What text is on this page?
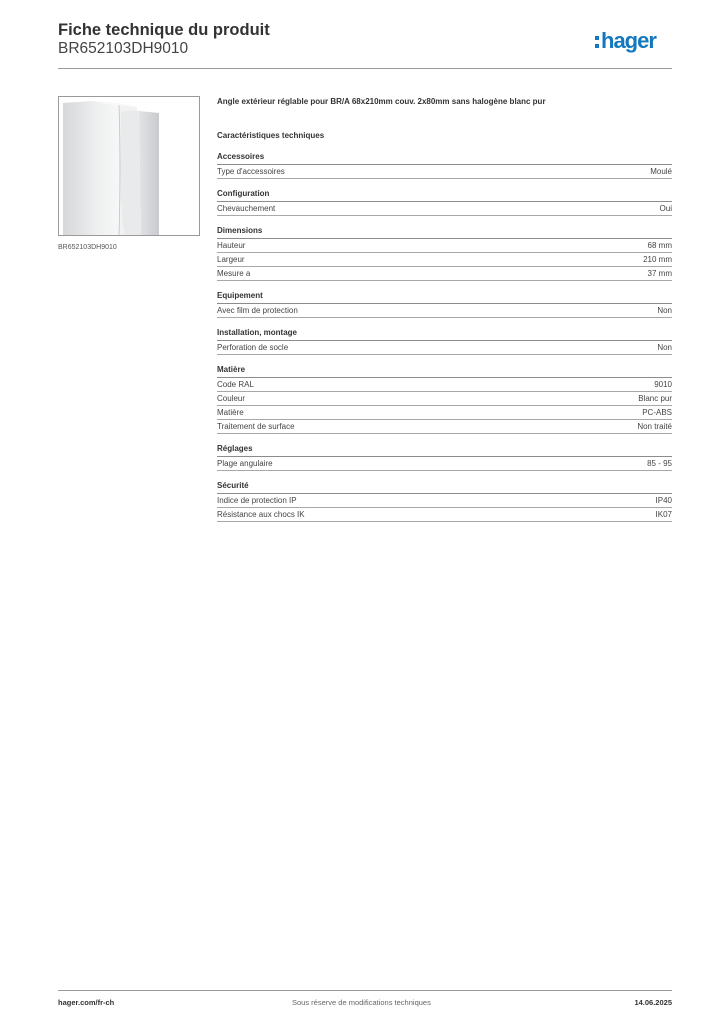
Fiche technique du produit
BR652103DH9010	hager
BR652103DH9010
Angle extérieur réglable pour BR/A 68x210mm couv. 2x80mm sans halogène blanc pur
Caractéristiques techniques
Accessoires
Type d'accessoires	Moulé
Configuration
Chevauchement	Oui
Dimensions
Hauteur	68 mm
Largeur	210 mm
Mesure a	37 mm
Equipement
Avec film de protection	Non
Installation, montage
Perforation de socle	Non
Matière
Code RAL	9010
Couleur	Blanc pur
Matière	PC-ABS
Traitement de surface	Non traité
Réglages
Plage angulaire	85 - 95
Sécurité
Indice de protection IP	IP40
Résistance aux chocs IK	IK07
hager.com/fr-ch	Sous réserve de modifications techniques	14.06.2025
